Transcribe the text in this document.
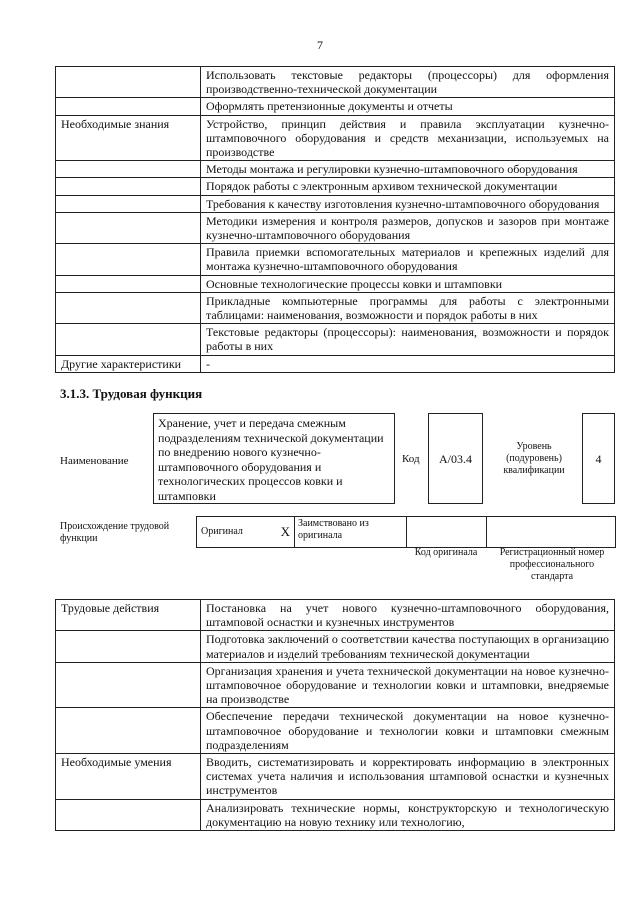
7
	Использовать текстовые редакторы (процессоры) для оформления производственно-технической документации
	Оформлять претензионные документы и отчеты
Необходимые знания	Устройство, принцип действия и правила эксплуатации кузнечно-штамповочного оборудования и средств механизации, используемых на производстве
	Методы монтажа и регулировки кузнечно-штамповочного оборудования
	Порядок работы с электронным архивом технической документации
	Требования к качеству изготовления кузнечно-штамповочного оборудования
	Методики измерения и контроля размеров, допусков и зазоров при монтаже кузнечно-штамповочного оборудования
	Правила приемки вспомогательных материалов и крепежных изделий для монтажа кузнечно-штамповочного оборудования
	Основные технологические процессы ковки и штамповки
	Прикладные компьютерные программы для работы с электронными таблицами: наименования, возможности и порядок работы в них
	Текстовые редакторы (процессоры): наименования, возможности и порядок работы в них
Другие характеристики	-
3.1.3. Трудовая функция
Наименование
Хранение, учет и передача смежным подразделениям технической документации по внедрению нового кузнечно-штамповочного оборудования и технологических процессов ковки и штамповки
Код	А/03.4
Уровень (подуровень) квалификации
4
Происхождение трудовой функции
Оригинал	X
	Заимствовано из оригинала		
Код оригинала	Регистрационный номер профессионального стандарта
Трудовые действия	Постановка на учет нового кузнечно-штамповочного оборудования, штамповой оснастки и кузнечных инструментов
	Подготовка заключений о соответствии качества поступающих в организацию материалов и изделий требованиям технической документации
	Организация хранения и учета технической документации на новое кузнечно-штамповочное оборудование и технологии ковки и штамповки, внедряемые на производстве
	Обеспечение передачи технической документации на новое кузнечно-штамповочное оборудование и технологии ковки и штамповки смежным подразделениям
Необходимые умения	Вводить, систематизировать и корректировать информацию в электронных системах учета наличия и использования штамповой оснастки и кузнечных инструментов
	Анализировать технические нормы, конструкторскую и технологическую документацию на новую технику или технологию,
